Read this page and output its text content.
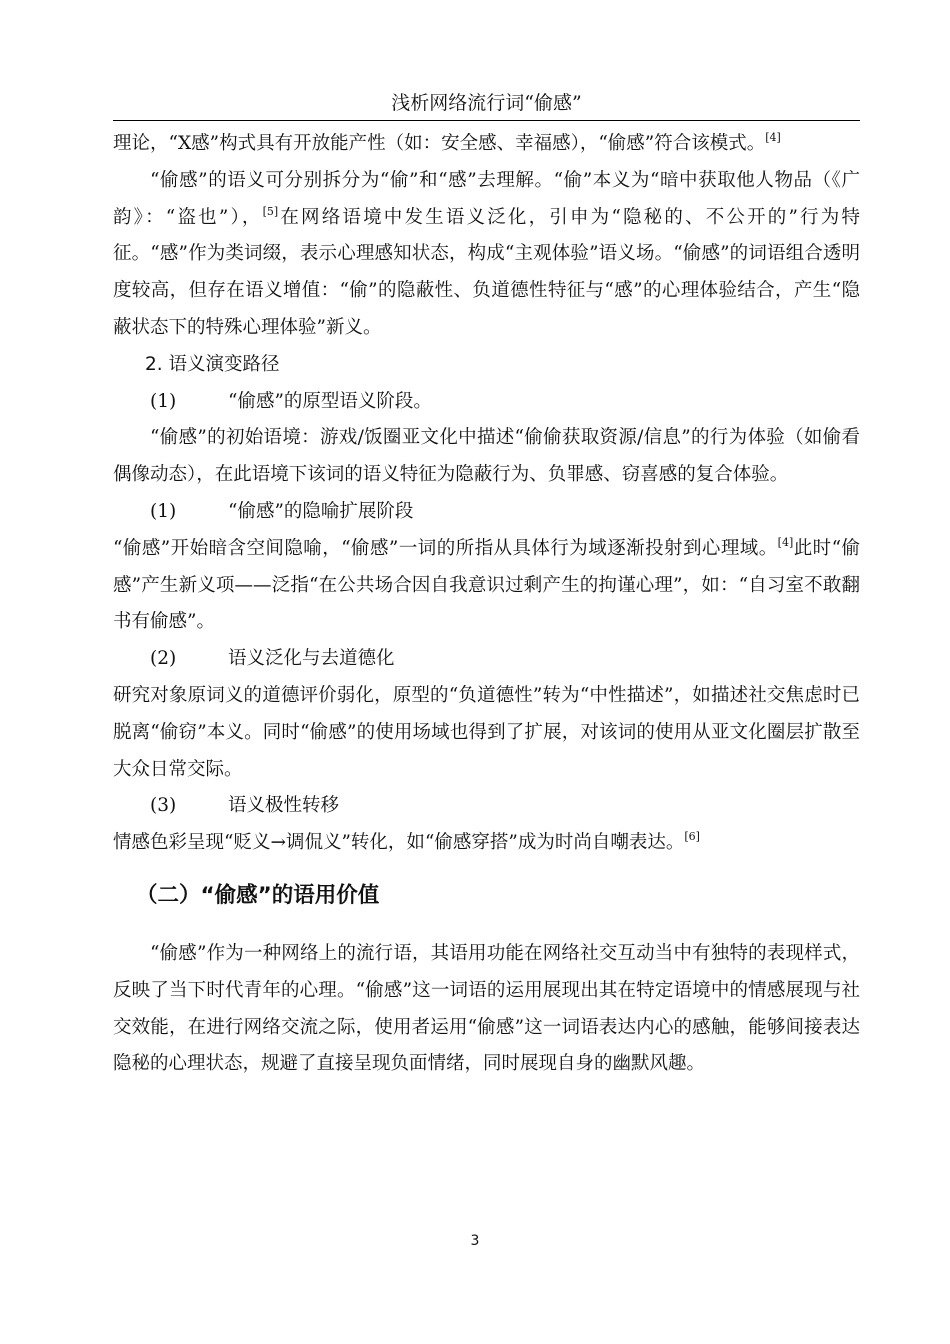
浅析网络流行词“偷感”

理论，“X感”构式具有开放能产性（如：安全感、幸福感），“偷感”符合该模式。[4]

“偷感”的语义可分别拆分为“偷”和“感”去理解。“偷”本义为“暗中获取他人物品（《广韵》：“盗也”），[5]在网络语境中发生语义泛化，引申为“隐秘的、不公开的”行为特征。“感”作为类词缀，表示心理感知状态，构成“主观体验”语义场。“偷感”的词语组合透明度较高，但存在语义增值：“偷”的隐蔽性、负道德性特征与“感”的心理体验结合，产生“隐蔽状态下的特殊心理体验”新义。

2. 语义演变路径

(1)	“偷感”的原型语义阶段。

“偷感”的初始语境：游戏/饭圈亚文化中描述“偷偷获取资源/信息”的行为体验（如偷看偶像动态），在此语境下该词的语义特征为隐蔽行为、负罪感、窃喜感的复合体验。

(1)	“偷感”的隐喻扩展阶段

“偷感”开始暗含空间隐喻，“偷感”一词的所指从具体行为域逐渐投射到心理域。[4]此时“偷感”产生新义项——泛指“在公共场合因自我意识过剩产生的拘谨心理”，如：“自习室不敢翻书有偷感”。

(2)	语义泛化与去道德化

研究对象原词义的道德评价弱化，原型的“负道德性”转为“中性描述”，如描述社交焦虑时已脱离“偷窃”本义。同时“偷感”的使用场域也得到了扩展，对该词的使用从亚文化圈层扩散至大众日常交际。

(3)	语义极性转移

情感色彩呈现“贬义→调侃义”转化，如“偷感穿搭”成为时尚自嘲表达。[6]

（二）“偷感”的语用价值

“偷感”作为一种网络上的流行语，其语用功能在网络社交互动当中有独特的表现样式，反映了当下时代青年的心理。“偷感”这一词语的运用展现出其在特定语境中的情感展现与社交效能，在进行网络交流之际，使用者运用“偷感”这一词语表达内心的感触，能够间接表达隐秘的心理状态，规避了直接呈现负面情绪，同时展现自身的幽默风趣。

3
